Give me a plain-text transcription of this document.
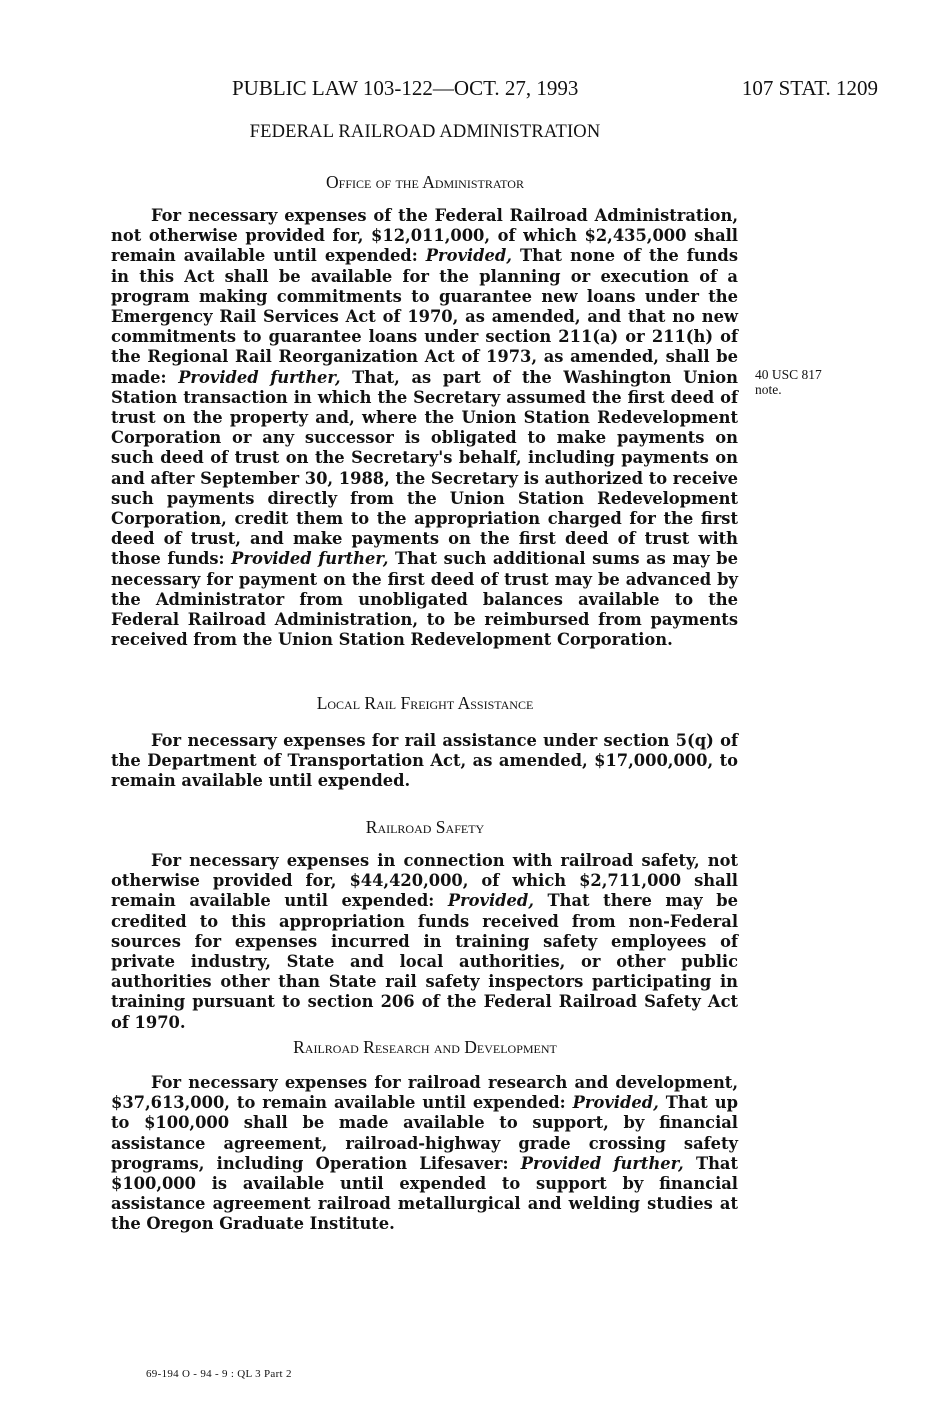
PUBLIC LAW 103-122—OCT. 27, 1993	107 STAT. 1209
FEDERAL RAILROAD ADMINISTRATION
Office of the Administrator
For necessary expenses of the Federal Railroad Administration, not otherwise provided for, $12,011,000, of which $2,435,000 shall remain available until expended: Provided, That none of the funds in this Act shall be available for the planning or execution of a program making commitments to guarantee new loans under the Emergency Rail Services Act of 1970, as amended, and that no new commitments to guarantee loans under section 211(a) or 211(h) of the Regional Rail Reorganization Act of 1973, as amended, shall be made: Provided further, That, as part of the Washington Union Station transaction in which the Secretary assumed the first deed of trust on the property and, where the Union Station Redevelopment Corporation or any successor is obligated to make payments on such deed of trust on the Secretary's behalf, including payments on and after September 30, 1988, the Secretary is authorized to receive such payments directly from the Union Station Redevelopment Corporation, credit them to the appropriation charged for the first deed of trust, and make payments on the first deed of trust with those funds: Provided further, That such additional sums as may be necessary for payment on the first deed of trust may be advanced by the Administrator from unobligated balances available to the Federal Railroad Administration, to be reimbursed from payments received from the Union Station Redevelopment Corporation.
40 USC 817
note.
Local Rail Freight Assistance
For necessary expenses for rail assistance under section 5(q) of the Department of Transportation Act, as amended, $17,000,000, to remain available until expended.
Railroad Safety
For necessary expenses in connection with railroad safety, not otherwise provided for, $44,420,000, of which $2,711,000 shall remain available until expended: Provided, That there may be credited to this appropriation funds received from non-Federal sources for expenses incurred in training safety employees of private industry, State and local authorities, or other public authorities other than State rail safety inspectors participating in training pursuant to section 206 of the Federal Railroad Safety Act of 1970.
Railroad Research and Development
For necessary expenses for railroad research and development, $37,613,000, to remain available until expended: Provided, That up to $100,000 shall be made available to support, by financial assistance agreement, railroad-highway grade crossing safety programs, including Operation Lifesaver: Provided further, That $100,000 is available until expended to support by financial assistance agreement railroad metallurgical and welding studies at the Oregon Graduate Institute.
69-194 O - 94 - 9 : QL 3 Part 2
